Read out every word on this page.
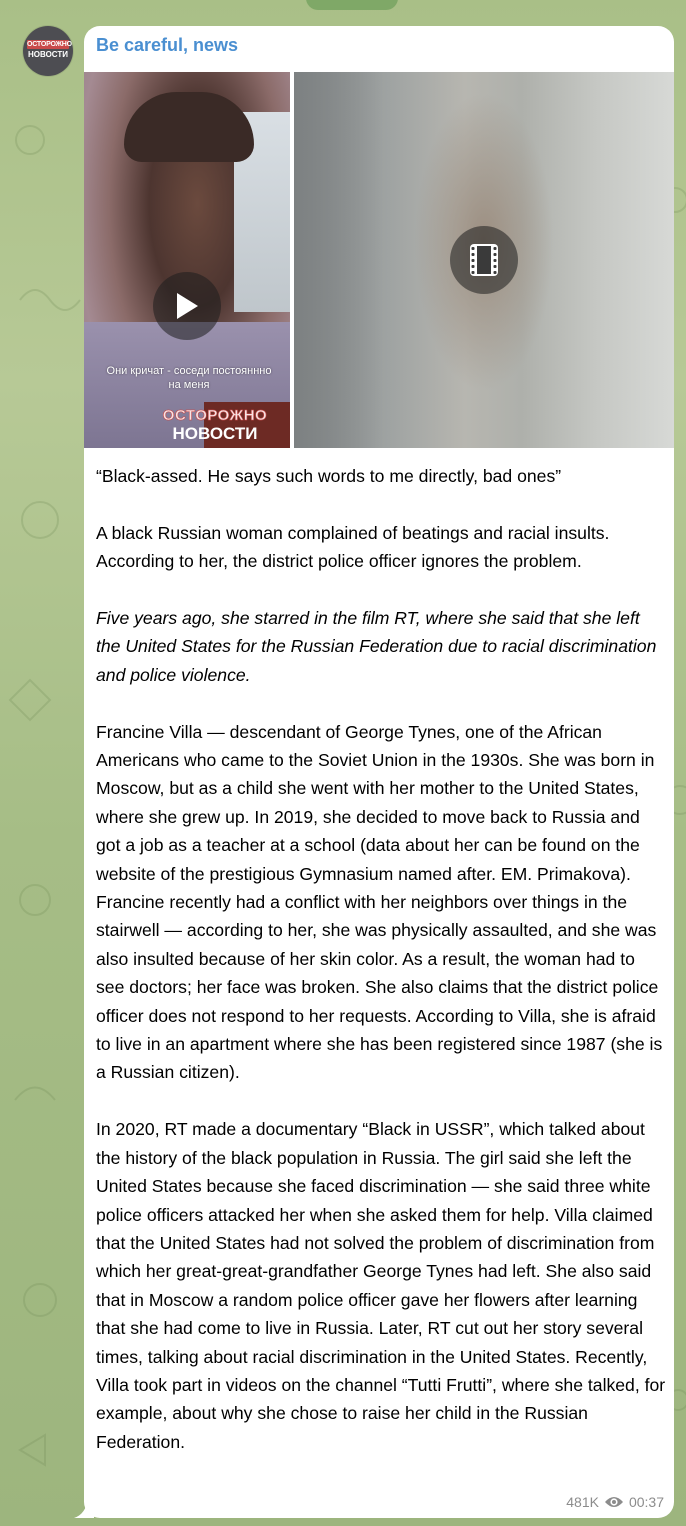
ОСТОРОЖНО
НОВОСТИ Be careful, news
Они кричат - соседи постояннно на меня
ОСТОРОЖНО
НОВОСТИ

“Black-assed. He says such words to me directly, bad ones”

A black Russian woman complained of beatings and racial insults. According to her, the district police officer ignores the problem.

Five years ago, she starred in the film RT, where she said that she left the United States for the Russian Federation due to racial discrimination and police violence.

Francine Villa — descendant of George Tynes, one of the African Americans who came to the Soviet Union in the 1930s. She was born in Moscow, but as a child she went with her mother to the United States, where she grew up. In 2019, she decided to move back to Russia and got a job as a teacher at a school (data about her can be found on the website of the prestigious Gymnasium named after. EM. Primakova). Francine recently had a conflict with her neighbors over things in the stairwell — according to her, she was physically assaulted, and she was also insulted because of her skin color. As a result, the woman had to see doctors; her face was broken. She also claims that the district police officer does not respond to her requests. According to Villa, she is afraid to live in an apartment where she has been registered since 1987 (she is a Russian citizen).

In 2020, RT made a documentary “Black in USSR”, which talked about the history of the black population in Russia. The girl said she left the United States because she faced discrimination — she said three white police officers attacked her when she asked them for help. Villa claimed that the United States had not solved the problem of discrimination from which her great-great-grandfather George Tynes had left. She also said that in Moscow a random police officer gave her flowers after learning that she had come to live in Russia. Later, RT cut out her story several times, talking about racial discrimination in the United States. Recently, Villa took part in videos on the channel “Tutti Frutti”, where she talked, for example, about why she chose to raise her child in the Russian Federation.

481K 00:37
